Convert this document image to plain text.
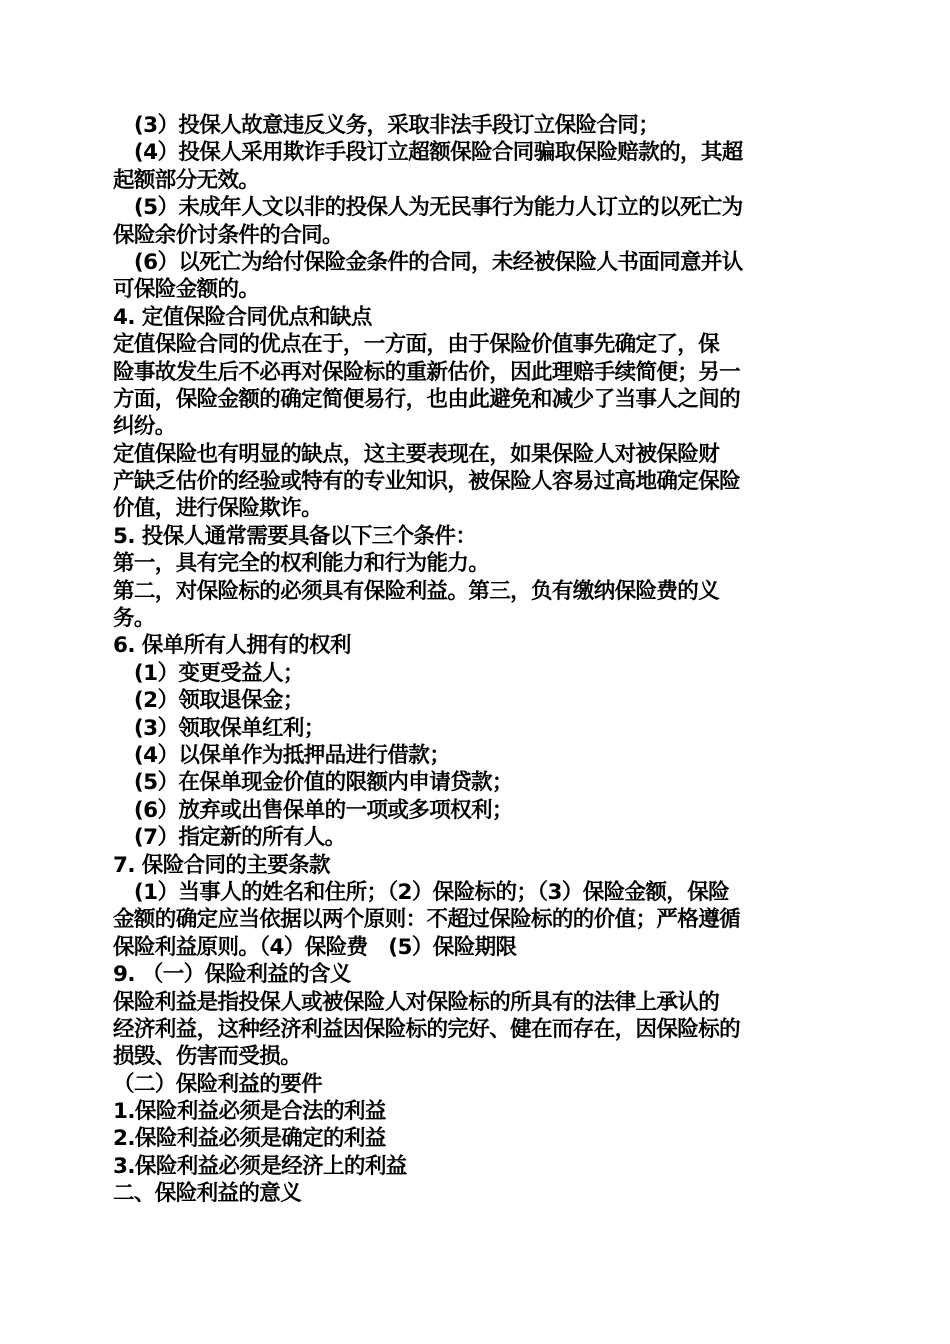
　(3）投保人故意违反义务，采取非法手段订立保险合同；
　(4）投保人采用欺诈手段订立超额保险合同骗取保险赔款的，其超
起额部分无效。
　(5）未成年人文以非的投保人为无民事行为能力人订立的以死亡为
保险余价讨条件的合同。
　(6）以死亡为给付保险金条件的合同，未经被保险人书面同意并认
可保险金额的。
4. 定值保险合同优点和缺点
定值保险合同的优点在于，一方面，由于保险价值事先确定了，保
险事故发生后不必再对保险标的重新估价，因此理赔手续简便；另一
方面，保险金额的确定简便易行，也由此避免和减少了当事人之间的
纠纷。
定值保险也有明显的缺点，这主要表现在，如果保险人对被保险财
产缺乏估价的经验或特有的专业知识，被保险人容易过高地确定保险
价值，进行保险欺诈。
5. 投保人通常需要具备以下三个条件：
第一，具有完全的权利能力和行为能力。
第二，对保险标的必须具有保险利益。第三，负有缴纳保险费的义
务。
6. 保单所有人拥有的权利
　(1）变更受益人；
　(2）领取退保金；
　(3）领取保单红利；
　(4）以保单作为抵押品进行借款；
　(5）在保单现金价值的限额内申请贷款；
　(6）放弃或出售保单的一项或多项权利；
　(7）指定新的所有人。
7. 保险合同的主要条款
　(1）当事人的姓名和住所；（2）保险标的；（3）保险金额，保险
金额的确定应当依据以两个原则：不超过保险标的的价值；严格遵循
保险利益原则。（4）保险费　(5）保险期限
9. （一）保险利益的含义
保险利益是指投保人或被保险人对保险标的所具有的法律上承认的
经济利益，这种经济利益因保险标的完好、健在而存在，因保险标的
损毁、伤害而受损。
（二）保险利益的要件
1.保险利益必须是合法的利益
2.保险利益必须是确定的利益
3.保险利益必须是经济上的利益
二、保险利益的意义
